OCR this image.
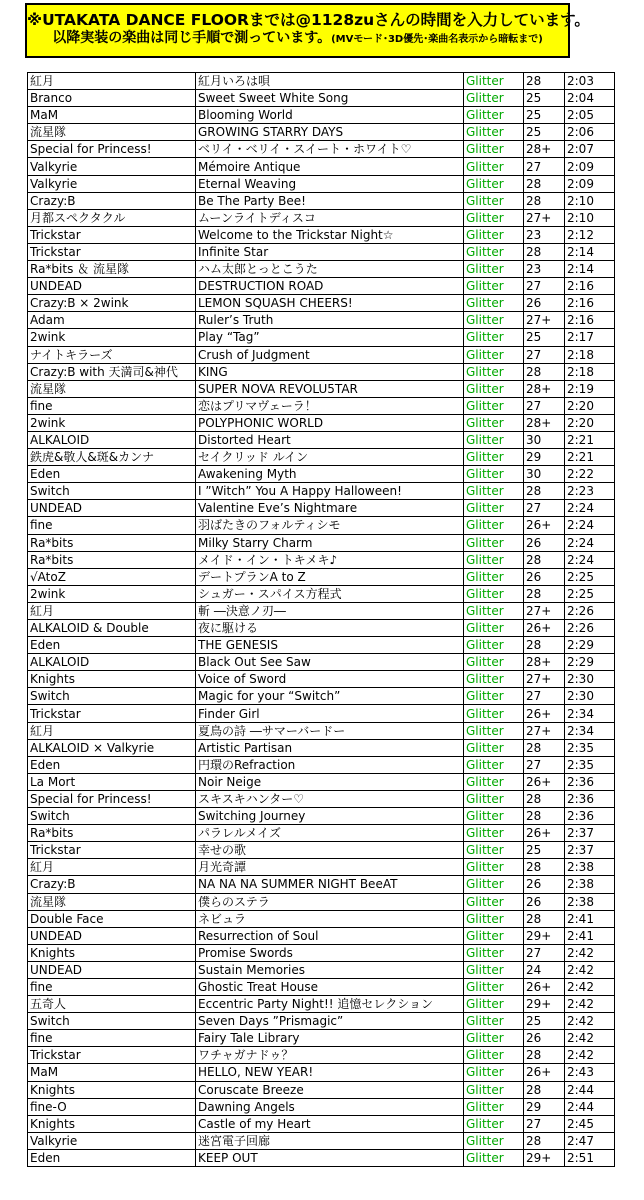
※UTAKATA DANCE FLOORまでは@1128zuさんの時間を入力しています。
以降実装の楽曲は同じ手順で測っています。(MVモード･3D優先･楽曲名表示から暗転まで)
紅月	紅月いろは唄	Glitter	28	2:03
Branco	Sweet Sweet White Song	Glitter	25	2:04
MaM	Blooming World	Glitter	25	2:05
流星隊	GROWING STARRY DAYS	Glitter	25	2:06
Special for Princess!	ベリイ・ベリイ・スイート・ホワイト♡	Glitter	28+	2:07
Valkyrie	Mémoire Antique	Glitter	27	2:09
Valkyrie	Eternal Weaving	Glitter	28	2:09
Crazy:B	Be The Party Bee!	Glitter	28	2:10
月都スペクタクル	ムーンライトディスコ	Glitter	27+	2:10
Trickstar	Welcome to the Trickstar Night☆	Glitter	23	2:12
Trickstar	Infinite Star	Glitter	28	2:14
Ra*bits ＆ 流星隊	ハム太郎とっとこうた	Glitter	23	2:14
UNDEAD	DESTRUCTION ROAD	Glitter	27	2:16
Crazy:B × 2wink	LEMON SQUASH CHEERS!	Glitter	26	2:16
Adam	Ruler’s Truth	Glitter	27+	2:16
2wink	Play “Tag”	Glitter	25	2:17
ナイトキラーズ	Crush of Judgment	Glitter	27	2:18
Crazy:B with 天満司&神代	KING	Glitter	28	2:18
流星隊	SUPER NOVA REVOLU5TAR	Glitter	28+	2:19
fine	恋はプリマヴェーラ！	Glitter	27	2:20
2wink	POLYPHONIC WORLD	Glitter	28+	2:20
ALKALOID	Distorted Heart	Glitter	30	2:21
鉄虎&敬人&斑&カンナ	セイクリッド ルイン	Glitter	29	2:21
Eden	Awakening Myth	Glitter	30	2:22
Switch	I ”Witch” You A Happy Halloween!	Glitter	28	2:23
UNDEAD	Valentine Eve’s Nightmare	Glitter	27	2:24
fine	羽ばたきのフォルティシモ	Glitter	26+	2:24
Ra*bits	Milky Starry Charm	Glitter	26	2:24
Ra*bits	メイド・イン・トキメキ♪	Glitter	28	2:24
√AtoZ	デートプランA to Z	Glitter	26	2:25
2wink	シュガー・スパイス方程式	Glitter	28	2:25
紅月	斬 ―決意ノ刃―	Glitter	27+	2:26
ALKALOID & Double	夜に駆ける	Glitter	26+	2:26
Eden	THE GENESIS	Glitter	28	2:29
ALKALOID	Black Out See Saw	Glitter	28+	2:29
Knights	Voice of Sword	Glitter	27+	2:30
Switch	Magic for your “Switch”	Glitter	27	2:30
Trickstar	Finder Girl	Glitter	26+	2:34
紅月	夏鳥の詩 ―サマーバードー	Glitter	27+	2:34
ALKALOID × Valkyrie	Artistic Partisan	Glitter	28	2:35
Eden	円環のRefraction	Glitter	27	2:35
La Mort	Noir Neige	Glitter	26+	2:36
Special for Princess!	スキスキハンター♡	Glitter	28	2:36
Switch	Switching Journey	Glitter	28	2:36
Ra*bits	パラレルメイズ	Glitter	26+	2:37
Trickstar	幸せの歌	Glitter	25	2:37
紅月	月光奇譚	Glitter	28	2:38
Crazy:B	NA NA NA SUMMER NIGHT BeeAT	Glitter	26	2:38
流星隊	僕らのステラ	Glitter	26	2:38
Double Face	ネビュラ	Glitter	28	2:41
UNDEAD	Resurrection of Soul	Glitter	29+	2:41
Knights	Promise Swords	Glitter	27	2:42
UNDEAD	Sustain Memories	Glitter	24	2:42
fine	Ghostic Treat House	Glitter	26+	2:42
五奇人	Eccentric Party Night!! 追憶セレクション	Glitter	29+	2:42
Switch	Seven Days ”Prismagic”	Glitter	25	2:42
fine	Fairy Tale Library	Glitter	26	2:42
Trickstar	ワチャガナドゥ？	Glitter	28	2:42
MaM	HELLO, NEW YEAR!	Glitter	26+	2:43
Knights	Coruscate Breeze	Glitter	28	2:44
fine-O	Dawning Angels	Glitter	29	2:44
Knights	Castle of my Heart	Glitter	27	2:45
Valkyrie	迷宮電子回廊	Glitter	28	2:47
Eden	KEEP OUT	Glitter	29+	2:51
